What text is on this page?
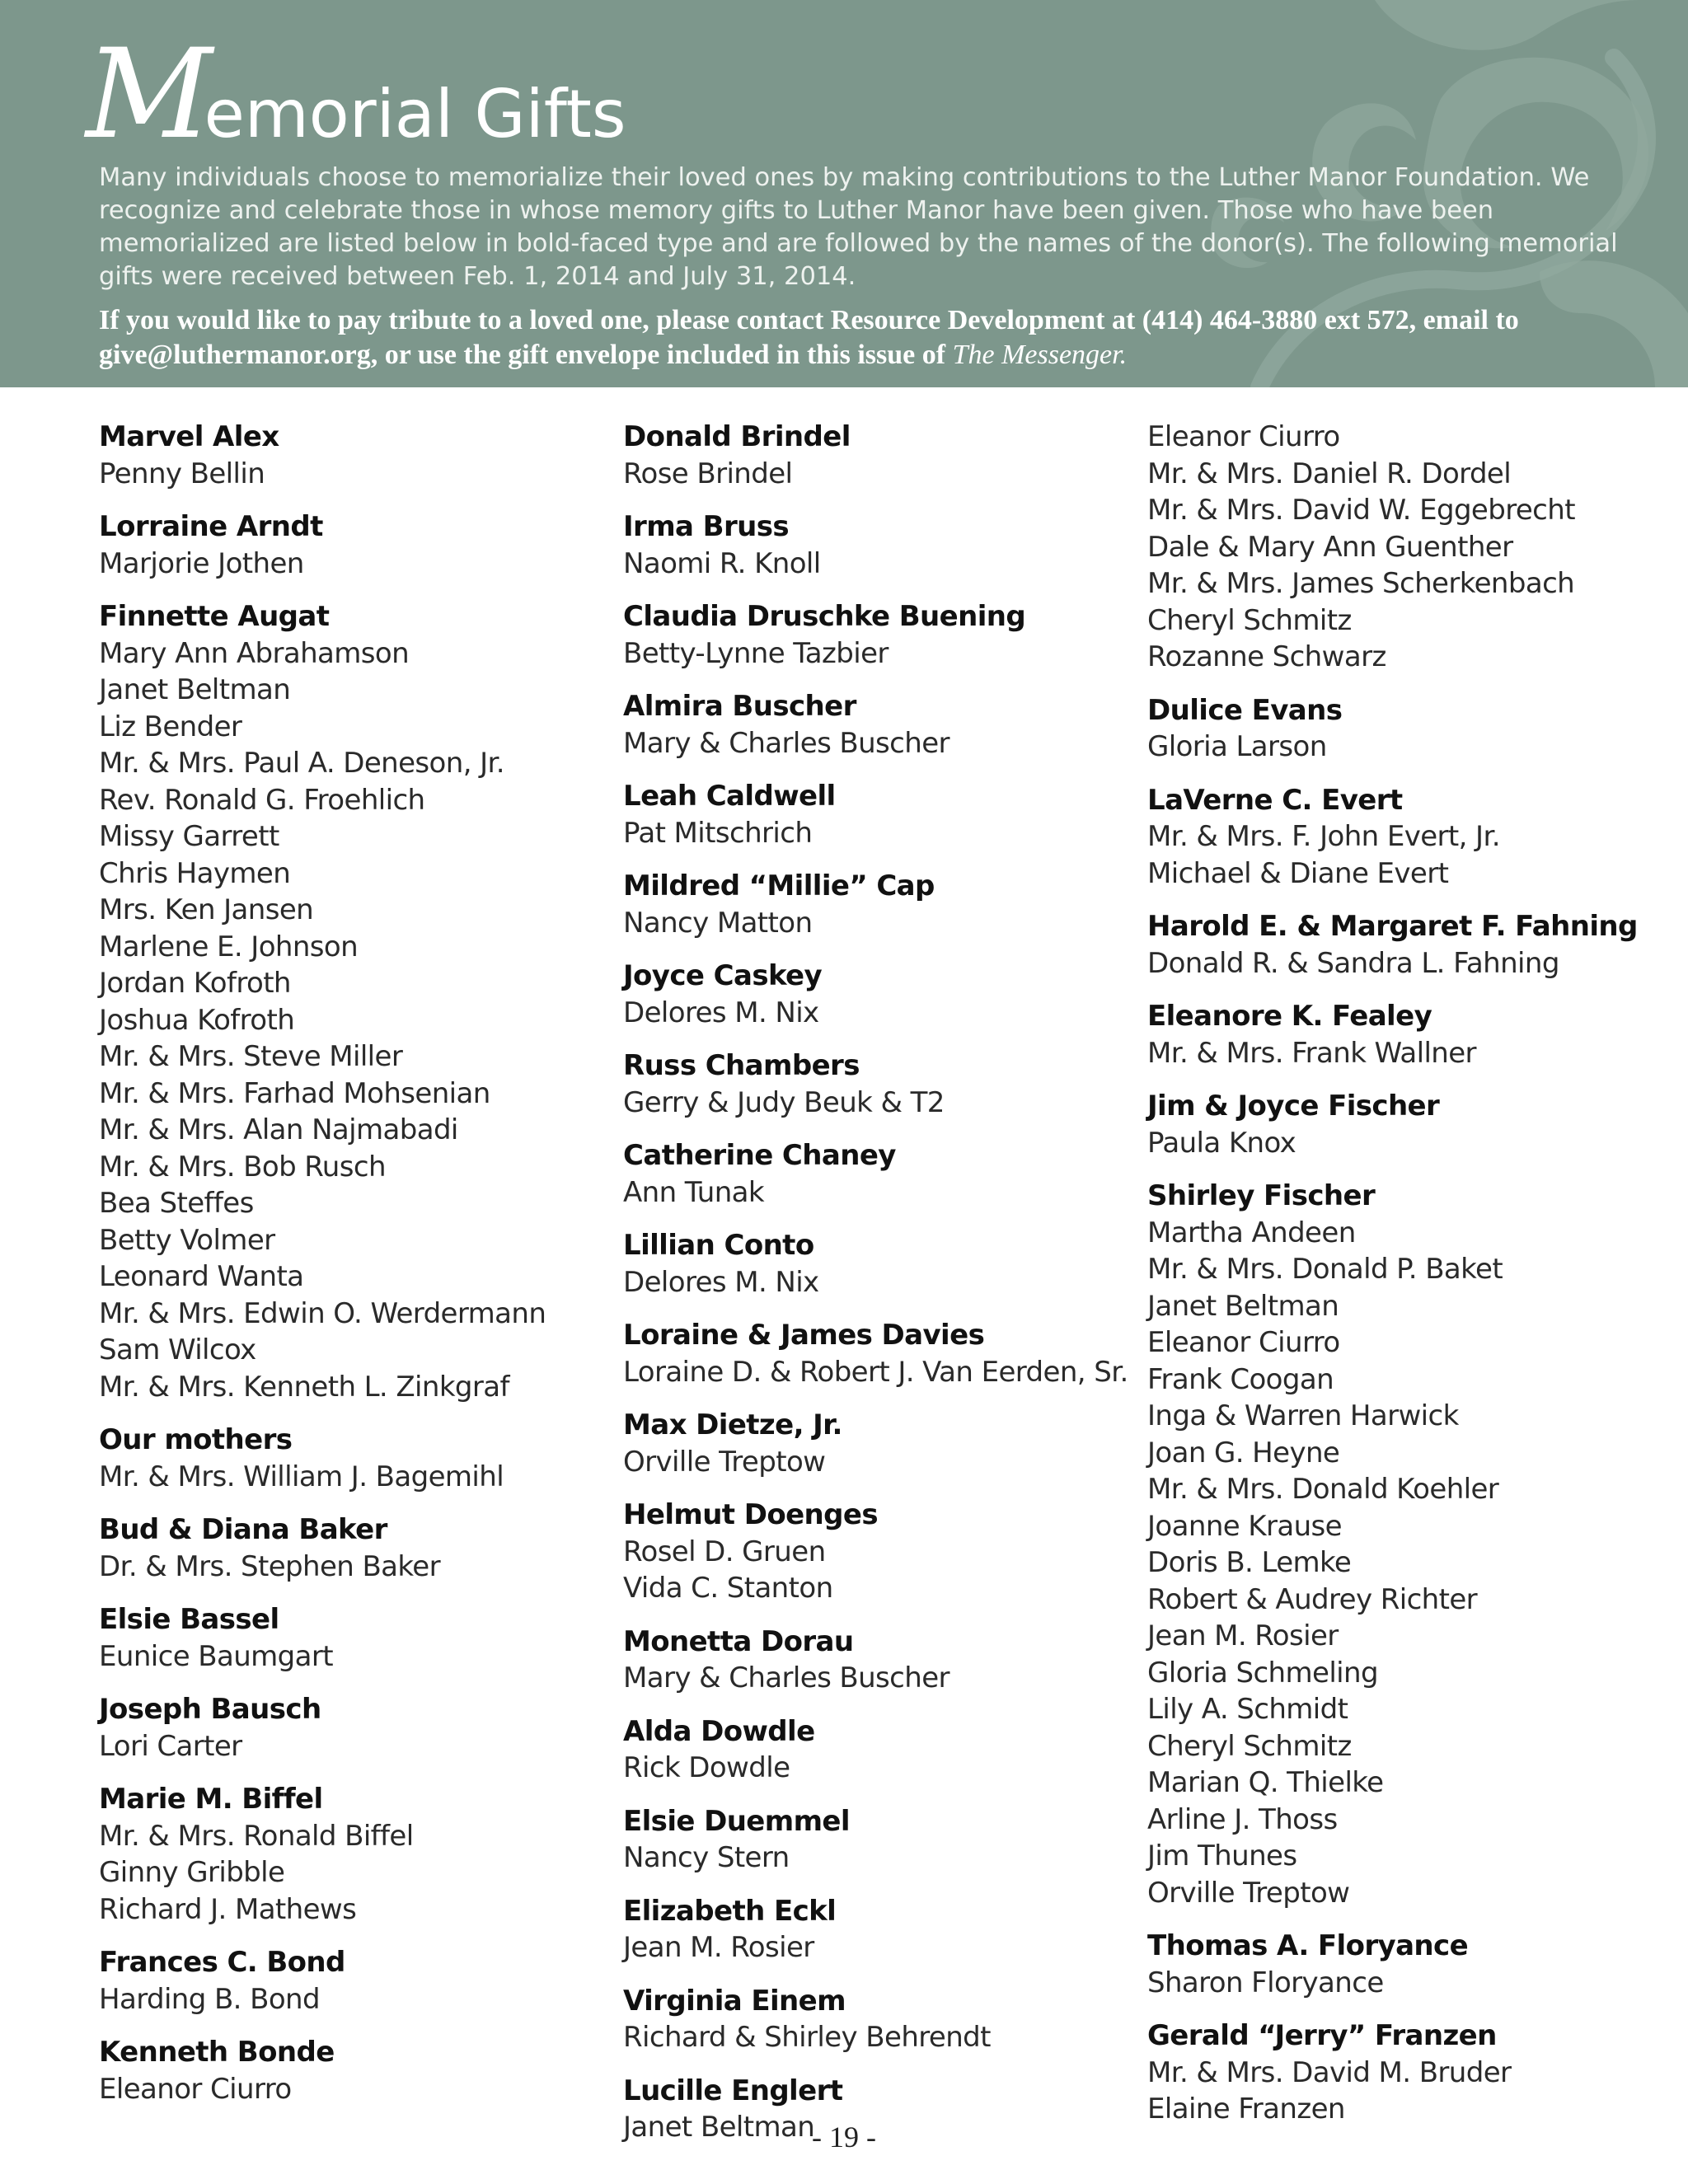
Memorial Gifts

Many individuals choose to memorialize their loved ones by making contributions to the Luther Manor Foundation. We recognize and celebrate those in whose memory gifts to Luther Manor have been given. Those who have been memorialized are listed below in bold-faced type and are followed by the names of the donor(s). The following memorial gifts were received between Feb. 1, 2014 and July 31, 2014.

If you would like to pay tribute to a loved one, please contact Resource Development at (414) 464-3880 ext 572, email to give@luthermanor.org, or use the gift envelope included in this issue of The Messenger.

Marvel Alex
Penny Bellin
Lorraine Arndt
Marjorie Jothen
Finnette Augat
Mary Ann Abrahamson
Janet Beltman
Liz Bender
Mr. & Mrs. Paul A. Deneson, Jr.
Rev. Ronald G. Froehlich
Missy Garrett
Chris Haymen
Mrs. Ken Jansen
Marlene E. Johnson
Jordan Kofroth
Joshua Kofroth
Mr. & Mrs. Steve Miller
Mr. & Mrs. Farhad Mohsenian
Mr. & Mrs. Alan Najmabadi
Mr. & Mrs. Bob Rusch
Bea Steffes
Betty Volmer
Leonard Wanta
Mr. & Mrs. Edwin O. Werdermann
Sam Wilcox
Mr. & Mrs. Kenneth L. Zinkgraf
Our mothers
Mr. & Mrs. William J. Bagemihl
Bud & Diana Baker
Dr. & Mrs. Stephen Baker
Elsie Bassel
Eunice Baumgart
Joseph Bausch
Lori Carter
Marie M. Biffel
Mr. & Mrs. Ronald Biffel
Ginny Gribble
Richard J. Mathews
Frances C. Bond
Harding B. Bond
Kenneth Bonde
Eleanor Ciurro
Donald Brindel
Rose Brindel
Irma Bruss
Naomi R. Knoll
Claudia Druschke Buening
Betty-Lynne Tazbier
Almira Buscher
Mary & Charles Buscher
Leah Caldwell
Pat Mitschrich
Mildred “Millie” Cap
Nancy Matton
Joyce Caskey
Delores M. Nix
Russ Chambers
Gerry & Judy Beuk & T2
Catherine Chaney
Ann Tunak
Lillian Conto
Delores M. Nix
Loraine & James Davies
Loraine D. & Robert J. Van Eerden, Sr.
Max Dietze, Jr.
Orville Treptow
Helmut Doenges
Rosel D. Gruen
Vida C. Stanton
Monetta Dorau
Mary & Charles Buscher
Alda Dowdle
Rick Dowdle
Elsie Duemmel
Nancy Stern
Elizabeth Eckl
Jean M. Rosier
Virginia Einem
Richard & Shirley Behrendt
Lucille Englert
Janet Beltman
Eleanor Ciurro
Mr. & Mrs. Daniel R. Dordel
Mr. & Mrs. David W. Eggebrecht
Dale & Mary Ann Guenther
Mr. & Mrs. James Scherkenbach
Cheryl Schmitz
Rozanne Schwarz
Dulice Evans
Gloria Larson
LaVerne C. Evert
Mr. & Mrs. F. John Evert, Jr.
Michael & Diane Evert
Harold E. & Margaret F. Fahning
Donald R. & Sandra L. Fahning
Eleanore K. Fealey
Mr. & Mrs. Frank Wallner
Jim & Joyce Fischer
Paula Knox
Shirley Fischer
Martha Andeen
Mr. & Mrs. Donald P. Baket
Janet Beltman
Eleanor Ciurro
Frank Coogan
Inga & Warren Harwick
Joan G. Heyne
Mr. & Mrs. Donald Koehler
Joanne Krause
Doris B. Lemke
Robert & Audrey Richter
Jean M. Rosier
Gloria Schmeling
Lily A. Schmidt
Cheryl Schmitz
Marian Q. Thielke
Arline J. Thoss
Jim Thunes
Orville Treptow
Thomas A. Floryance
Sharon Floryance
Gerald “Jerry” Franzen
Mr. & Mrs. David M. Bruder
Elaine Franzen
- 19 -
